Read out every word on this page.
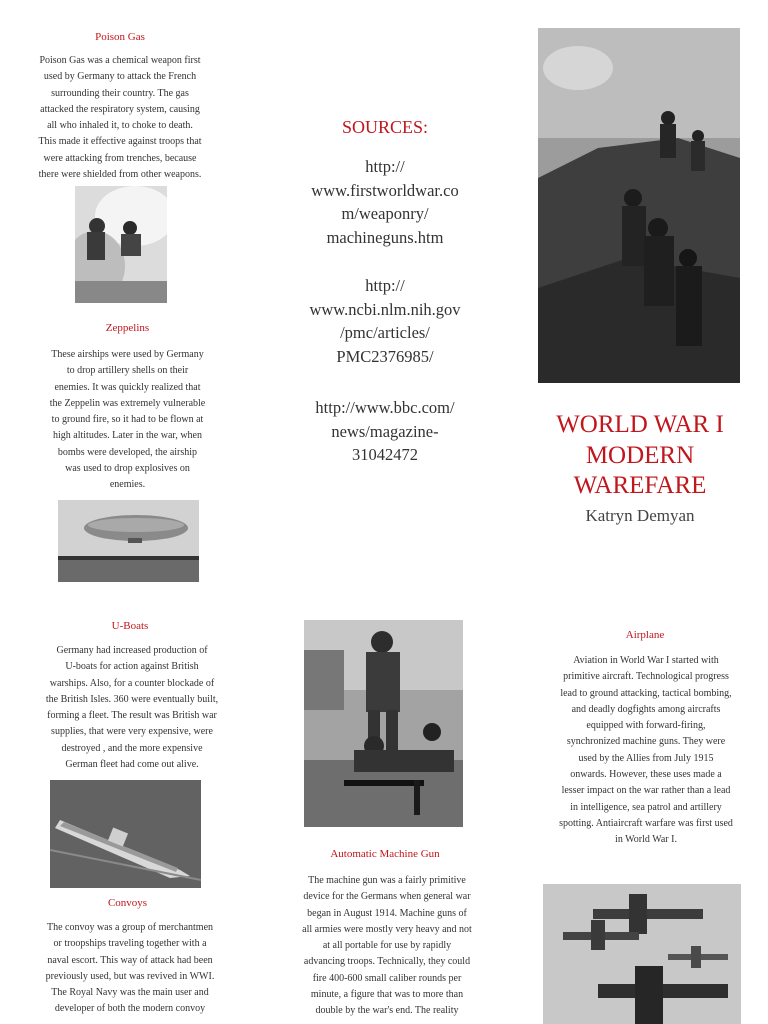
Poison Gas
Poison Gas was a chemical weapon first
used by Germany to attack the French
surrounding their country. The gas
attacked the respiratory system, causing
all who inhaled it, to choke to death.
This made it effective against troops that
were attacking from trenches, because
there were shielded from other weapons.
Zeppelins
These airships were used by Germany
to drop artillery shells on their
enemies. It was quickly realized that
the Zeppelin was extremely vulnerable
to ground fire, so it had to be flown at
high altitudes. Later in the war, when
bombs were developed, the airship
was used to drop explosives on
enemies.
SOURCES:
http://
www.firstworldwar.co
m/weaponry/
machineguns.htm
http://
www.ncbi.nlm.nih.gov
/pmc/articles/
PMC2376985/
http://www.bbc.com/
news/magazine-
31042472
WORLD WAR I
MODERN
WAREFARE
Katryn Demyan
U-Boats
Germany had increased production of
U-boats for action against British
warships. Also, for a counter blockade of
the British Isles. 360 were eventually built,
forming a fleet. The result was British war
supplies, that were very expensive, were
destroyed , and the more expensive
German fleet had come out alive.
Convoys
The convoy was a group of merchantmen
or troopships traveling together with a
naval escort. This way of attack had been
previously used, but was revived in WWI.
The Royal Navy was the main user and
developer of both the modern convoy
Automatic Machine Gun
The machine gun was a fairly primitive
device for the Germans when general war
began in August 1914. Machine guns of
all armies were mostly very heavy and not
at all portable for use by rapidly
advancing troops. Technically, they could
fire 400-600 small caliber rounds per
minute, a figure that was to more than
double by the war's end. The reality
Airplane
Aviation in World War I started with
primitive aircraft. Technological progress
lead to ground attacking, tactical bombing,
and deadly dogfights among aircrafts
equipped with forward-firing,
synchronized machine guns. They were
used by the Allies from July 1915
onwards. However, these uses made a
lesser impact on the war rather than a lead
in intelligence, sea patrol and artillery
spotting. Antiaircraft warfare was first used
in World War I.
